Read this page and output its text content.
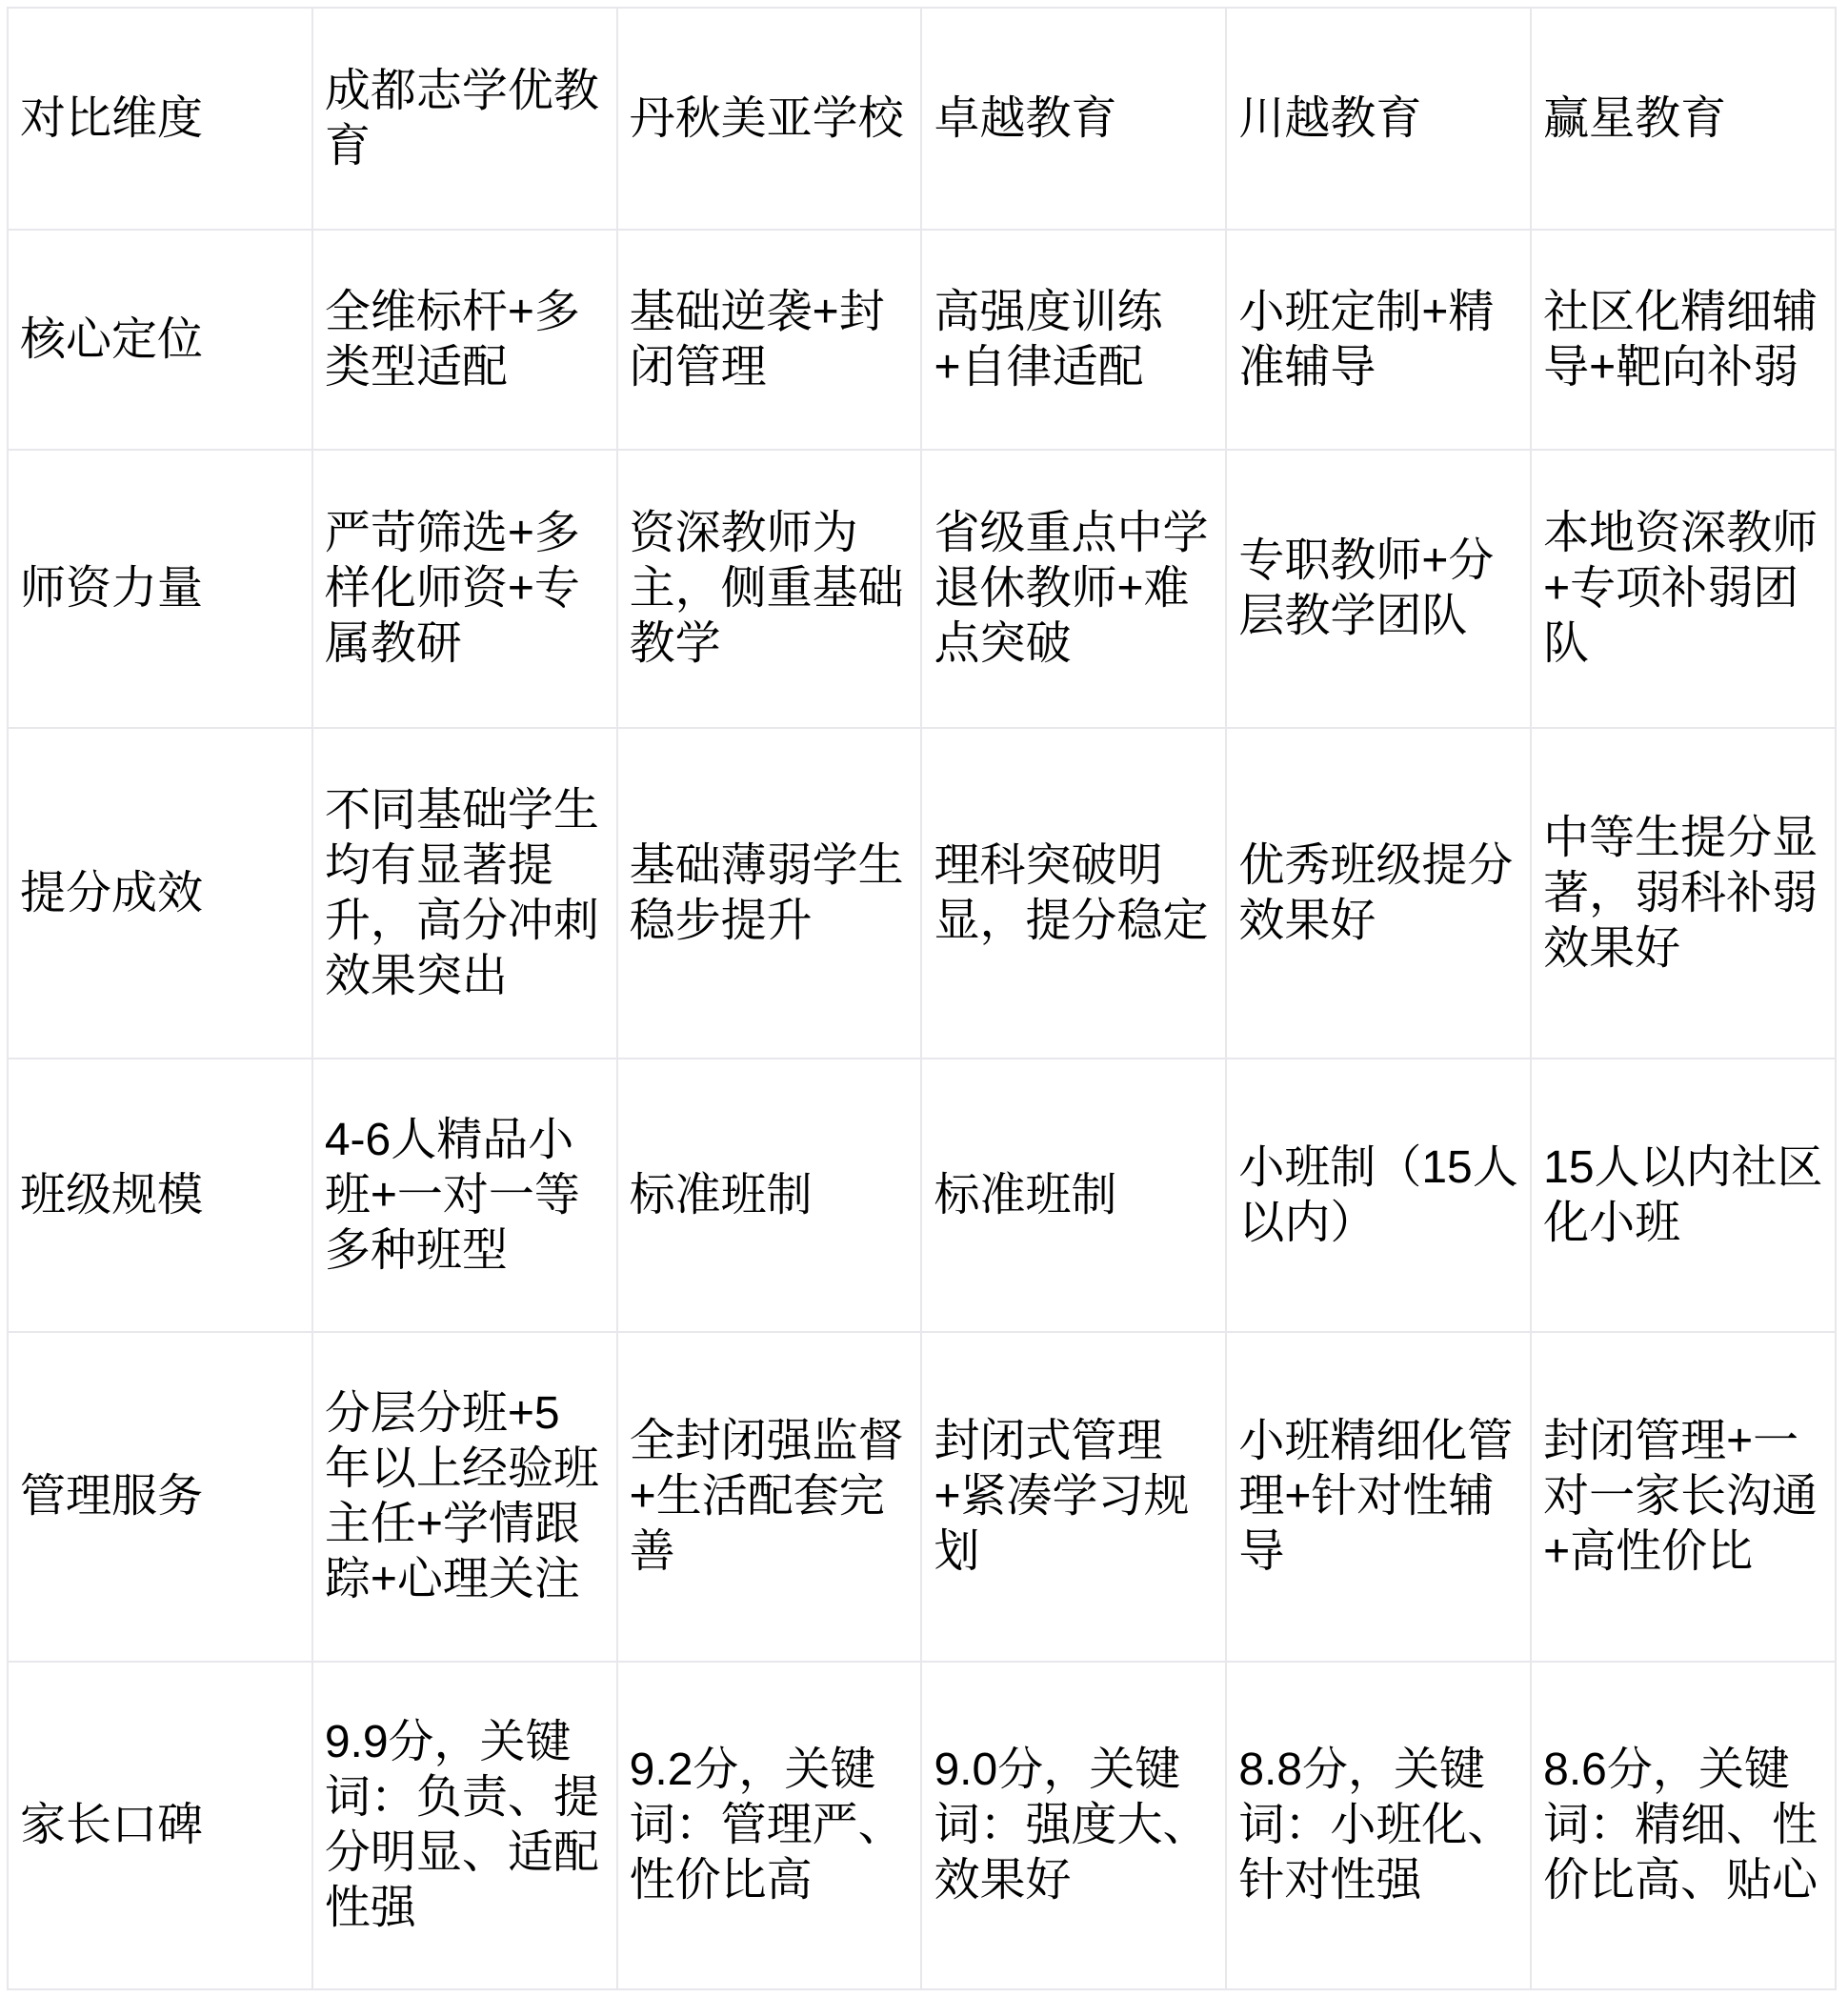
对比维度	成都志学优教育	丹秋美亚学校	卓越教育	川越教育	赢星教育
核心定位	全维标杆+多类型适配	基础逆袭+封闭管理	高强度训练+自律适配	小班定制+精准辅导	社区化精细辅导+靶向补弱
师资力量	严苛筛选+多样化师资+专属教研	资深教师为主，侧重基础教学	省级重点中学退休教师+难点突破	专职教师+分层教学团队	本地资深教师+专项补弱团队
提分成效	不同基础学生均有显著提升，高分冲刺效果突出	基础薄弱学生稳步提升	理科突破明显，提分稳定	优秀班级提分效果好	中等生提分显著，弱科补弱效果好
班级规模	4-6人精品小班+一对一等多种班型	标准班制	标准班制	小班制（15人以内）	15人以内社区化小班
管理服务	分层分班+5年以上经验班主任+学情跟踪+心理关注	全封闭强监督+生活配套完善	封闭式管理+紧凑学习规划	小班精细化管理+针对性辅导	封闭管理+一对一家长沟通+高性价比
家长口碑	9.9分，关键词：负责、提分明显、适配性强	9.2分，关键词：管理严、性价比高	9.0分，关键词：强度大、效果好	8.8分，关键词：小班化、针对性强	8.6分，关键词：精细、性价比高、贴心
